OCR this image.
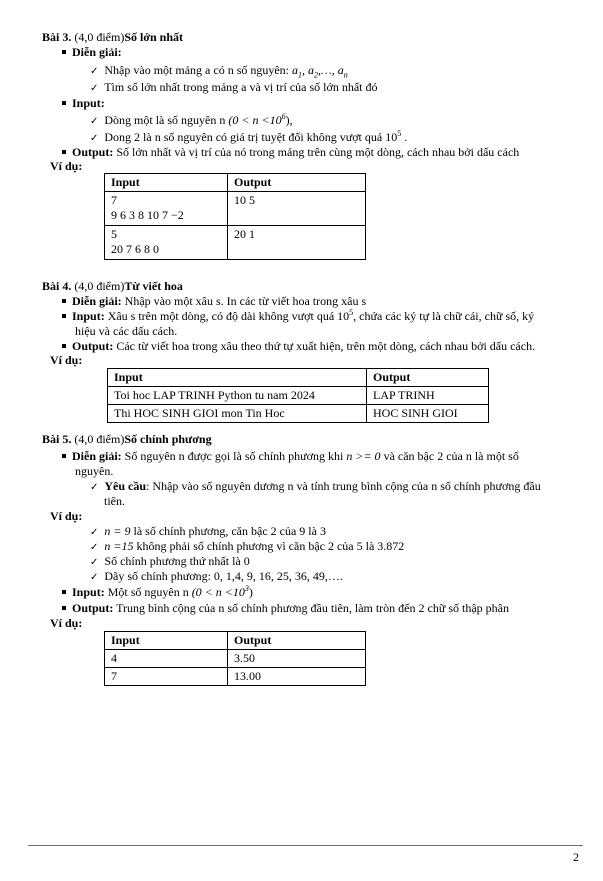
Bài 3. (4,0 điểm)Số lớn nhất
Diễn giải:
✓ Nhập vào một mảng a có n số nguyên: $a_1$, $a_2,\dots$, $a_n$
✓ Tìm số lớn nhất trong mảng a và vị trí của số lớn nhất đó
Input:
✓ Dòng một là số nguyên n $(0 < n <10^6)$,
✓ Dong 2 là n số nguyên có giá trị tuyệt đối không vượt quá $10^5$ .
Output: Số lớn nhất và vị trí của nó trong mảng trên cùng một dòng, cách nhau bởi dấu cách
Ví dụ:
Input	Output

7
9 6 3 8 10 7 −2	10 5

5
20 7 6 8 0	20 1
Bài 4. (4,0 điểm)Từ viết hoa
Diễn giải: Nhập vào một xâu s. In các từ viết hoa trong xâu s
Input: Xâu s trên một dòng, có độ dài không vượt quá $10^5$, chứa các ký tự là chữ cái, chữ số, ký
hiệu và các dấu cách.
Output: Các từ viết hoa trong xâu theo thứ tự xuất hiện, trên một dòng, cách nhau bởi dấu cách.
Ví dụ:
Input	Output
Toi hoc LAP TRINH Python tu nam 2024	LAP TRINH
Thi HOC SINH GIOI mon Tin Hoc	HOC SINH GIOI
Bài 5. (4,0 điểm)Số chính phương
Diễn giải: Số nguyên n được gọi là số chính phương khi n >= 0 và căn bậc 2 của n là một số
nguyên.
✓ Yêu cầu: Nhập vào số nguyên dương n và tính trung bình cộng của n số chính phương đầu
tiên.
Ví dụ:
✓ n = 9 là số chính phương, căn bậc 2 của 9 là 3
✓ n =15 không phải số chính phương vì căn bậc 2 của 5 là 3.872
✓ Số chính phương thứ nhất là 0
✓ Dãy số chính phương: 0, 1,4, 9, 16, 25, 36, 49,….
Input: Một số nguyên n $(0 < n <10^3)$
Output: Trung bình cộng của n số chính phương đầu tiên, làm tròn đến 2 chữ số thập phân
Ví dụ:
Input	Output
4	3.50
7	13.00
2
